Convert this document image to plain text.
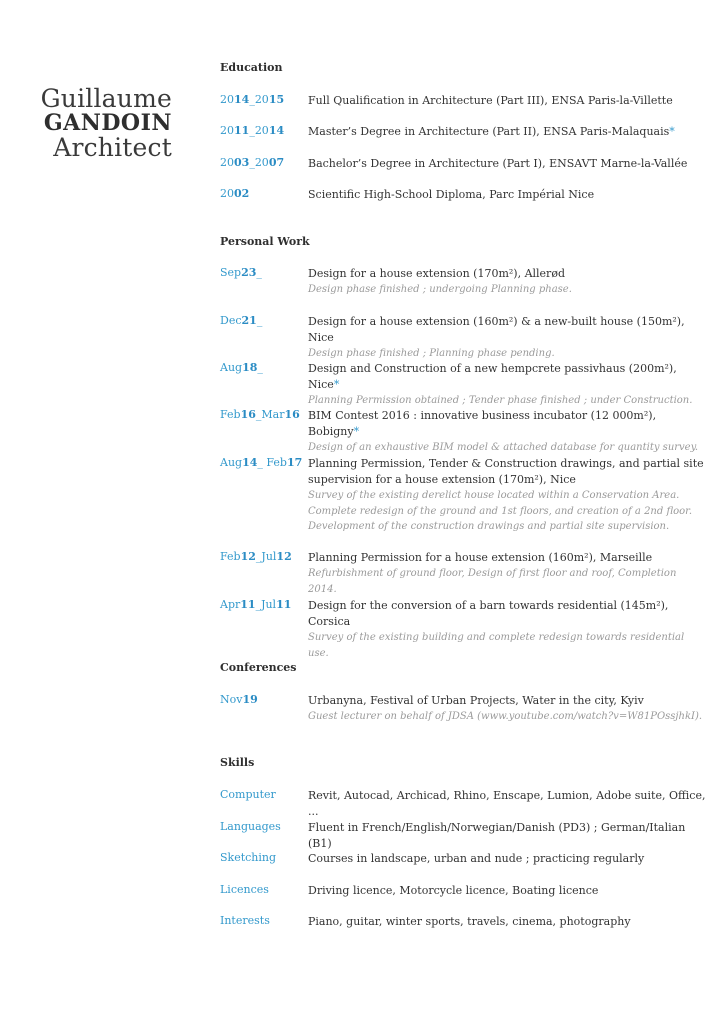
Guillaume
GANDOIN
Architect
Education
2014_2015 Full Qualification in Architecture (Part III), ENSA Paris-la-Villette
2011_2014 Master’s Degree in Architecture (Part II), ENSA Paris-Malaquais*
2003_2007 Bachelor’s Degree in Architecture (Part I), ENSAVT Marne-la-Vallée
2002	Scientific High-School Diploma, Parc Impérial Nice
Personal Work
Sep23_	Design for a house extension (170m²), Allerød
Design phase finished ; undergoing Planning phase.
Dec21_	Design for a house extension (160m²) & a new-built house (150m²), Nice
Design phase finished ; Planning phase pending.
Aug18_	Design and Construction of a new hempcrete passivhaus (200m²), Nice*
Planning Permission obtained ; Tender phase finished ; under Construction.
Feb16_Mar16 BIM Contest 2016 : innovative business incubator (12 000m²), Bobigny*
Design of an exhaustive BIM model & attached database for quantity survey.
Aug14_ Feb17 Planning Permission, Tender & Construction drawings, and partial site supervision for a house extension (170m²), Nice
Survey of the existing derelict house located within a Conservation Area. Complete redesign of the ground and 1st floors, and creation of a 2nd floor. Development of the construction drawings and partial site supervision.
Feb12_Jul12 Planning Permission for a house extension (160m²), Marseille
Refurbishment of ground floor, Design of first floor and roof, Completion 2014.
Apr11_Jul11 Design for the conversion of a barn towards residential (145m²), Corsica
Survey of the existing building and complete redesign towards residential use.
Conferences
Nov19	Urbanyna, Festival of Urban Projects, Water in the city, Kyiv
Guest lecturer on behalf of JDSA (www.youtube.com/watch?v=W81POssjhkI).
Skills
Computer	Revit, Autocad, Archicad, Rhino, Enscape, Lumion, Adobe suite, Office, ...
Languages Fluent in French/English/Norwegian/Danish (PD3) ; German/Italian (B1)
Sketching	Courses in landscape, urban and nude ; practicing regularly
Licences	Driving licence, Motorcycle licence, Boating licence
Interests	Piano, guitar, winter sports, travels, cinema, photography
